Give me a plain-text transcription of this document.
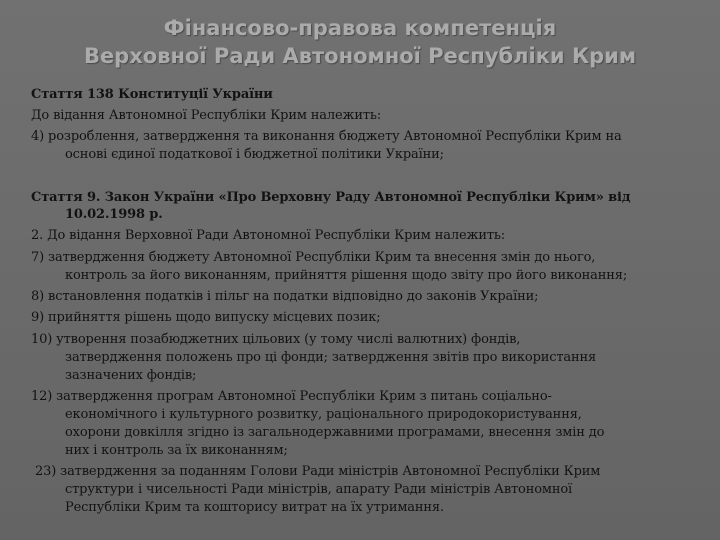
Фінансово-правова компетенція
Верховної Ради Автономної Республіки Крим
Стаття 138 Конституції України
До відання Автономної Республіки Крим належить:
4) розроблення, затвердження та виконання бюджету Автономної Республіки Крим на
основі єдиної податкової і бюджетної політики України;
Стаття 9. Закон України «Про Верховну Раду Автономної Республіки Крим» від
10.02.1998 р.
2. До відання Верховної Ради Автономної Республіки Крим належить:
7) затвердження бюджету Автономної Республіки Крим та внесення змін до нього,
контроль за його виконанням, прийняття рішення щодо звіту про його виконання;
8) встановлення податків і пільг на податки відповідно до законів України;
9) прийняття рішень щодо випуску місцевих позик;
10) утворення позабюджетних цільових (у тому числі валютних) фондів,
затвердження положень про ці фонди; затвердження звітів про використання
зазначених фондів;
12) затвердження програм Автономної Республіки Крим з питань соціально-
економічного і культурного розвитку, раціонального природокористування,
охорони довкілля згідно із загальнодержавними програмами, внесення змін до
них і контроль за їх виконанням;
23) затвердження за поданням Голови Ради міністрів Автономної Республіки Крим
структури і чисельності Ради міністрів, апарату Ради міністрів Автономної
Республіки Крим та кошторису витрат на їх утримання.
